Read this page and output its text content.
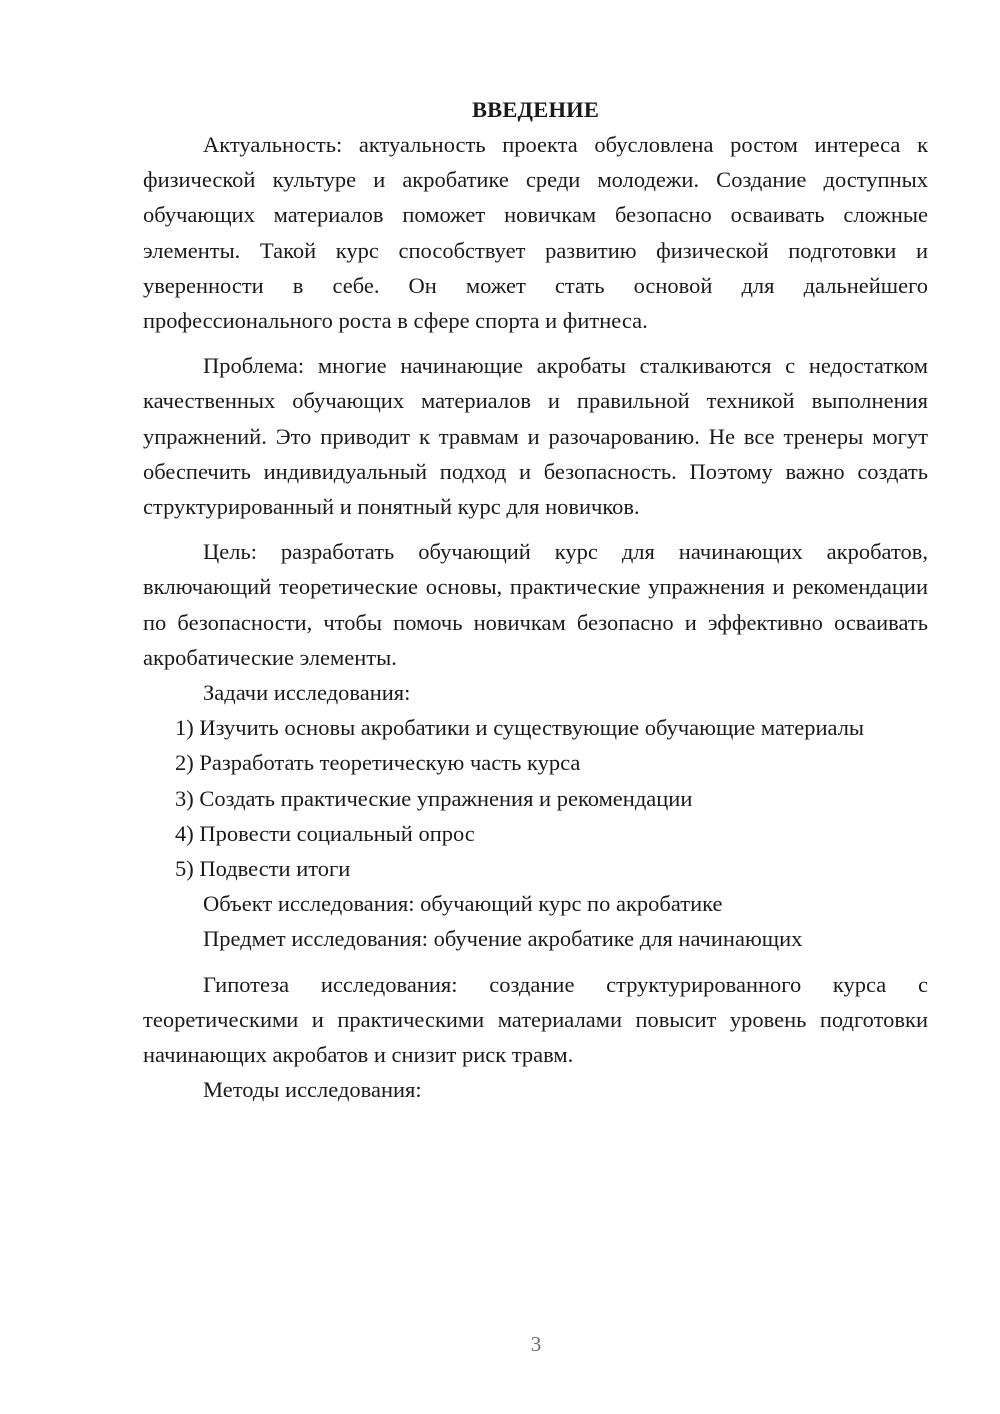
ВВЕДЕНИЕ

Актуальность: актуальность проекта обусловлена ростом интереса к физической культуре и акробатике среди молодежи. Создание доступных обучающих материалов поможет новичкам безопасно осваивать сложные элементы. Такой курс способствует развитию физической подготовки и уверенности в себе. Он может стать основой для дальнейшего профессионального роста в сфере спорта и фитнеса.

Проблема: многие начинающие акробаты сталкиваются с недостатком качественных обучающих материалов и правильной техникой выполнения упражнений. Это приводит к травмам и разочарованию. Не все тренеры могут обеспечить индивидуальный подход и безопасность. Поэтому важно создать структурированный и понятный курс для новичков.

Цель: разработать обучающий курс для начинающих акробатов, включающий теоретические основы, практические упражнения и рекомендации по безопасности, чтобы помочь новичкам безопасно и эффективно осваивать акробатические элементы.

Задачи исследования:

1) Изучить основы акробатики и существующие обучающие материалы

2) Разработать теоретическую часть курса

3) Создать практические упражнения и рекомендации

4) Провести социальный опрос

5) Подвести итоги

Объект исследования: обучающий курс по акробатике

Предмет исследования: обучение акробатике для начинающих

Гипотеза исследования: создание структурированного курса с теоретическими и практическими материалами повысит уровень подготовки начинающих акробатов и снизит риск травм.

Методы исследования:

3
